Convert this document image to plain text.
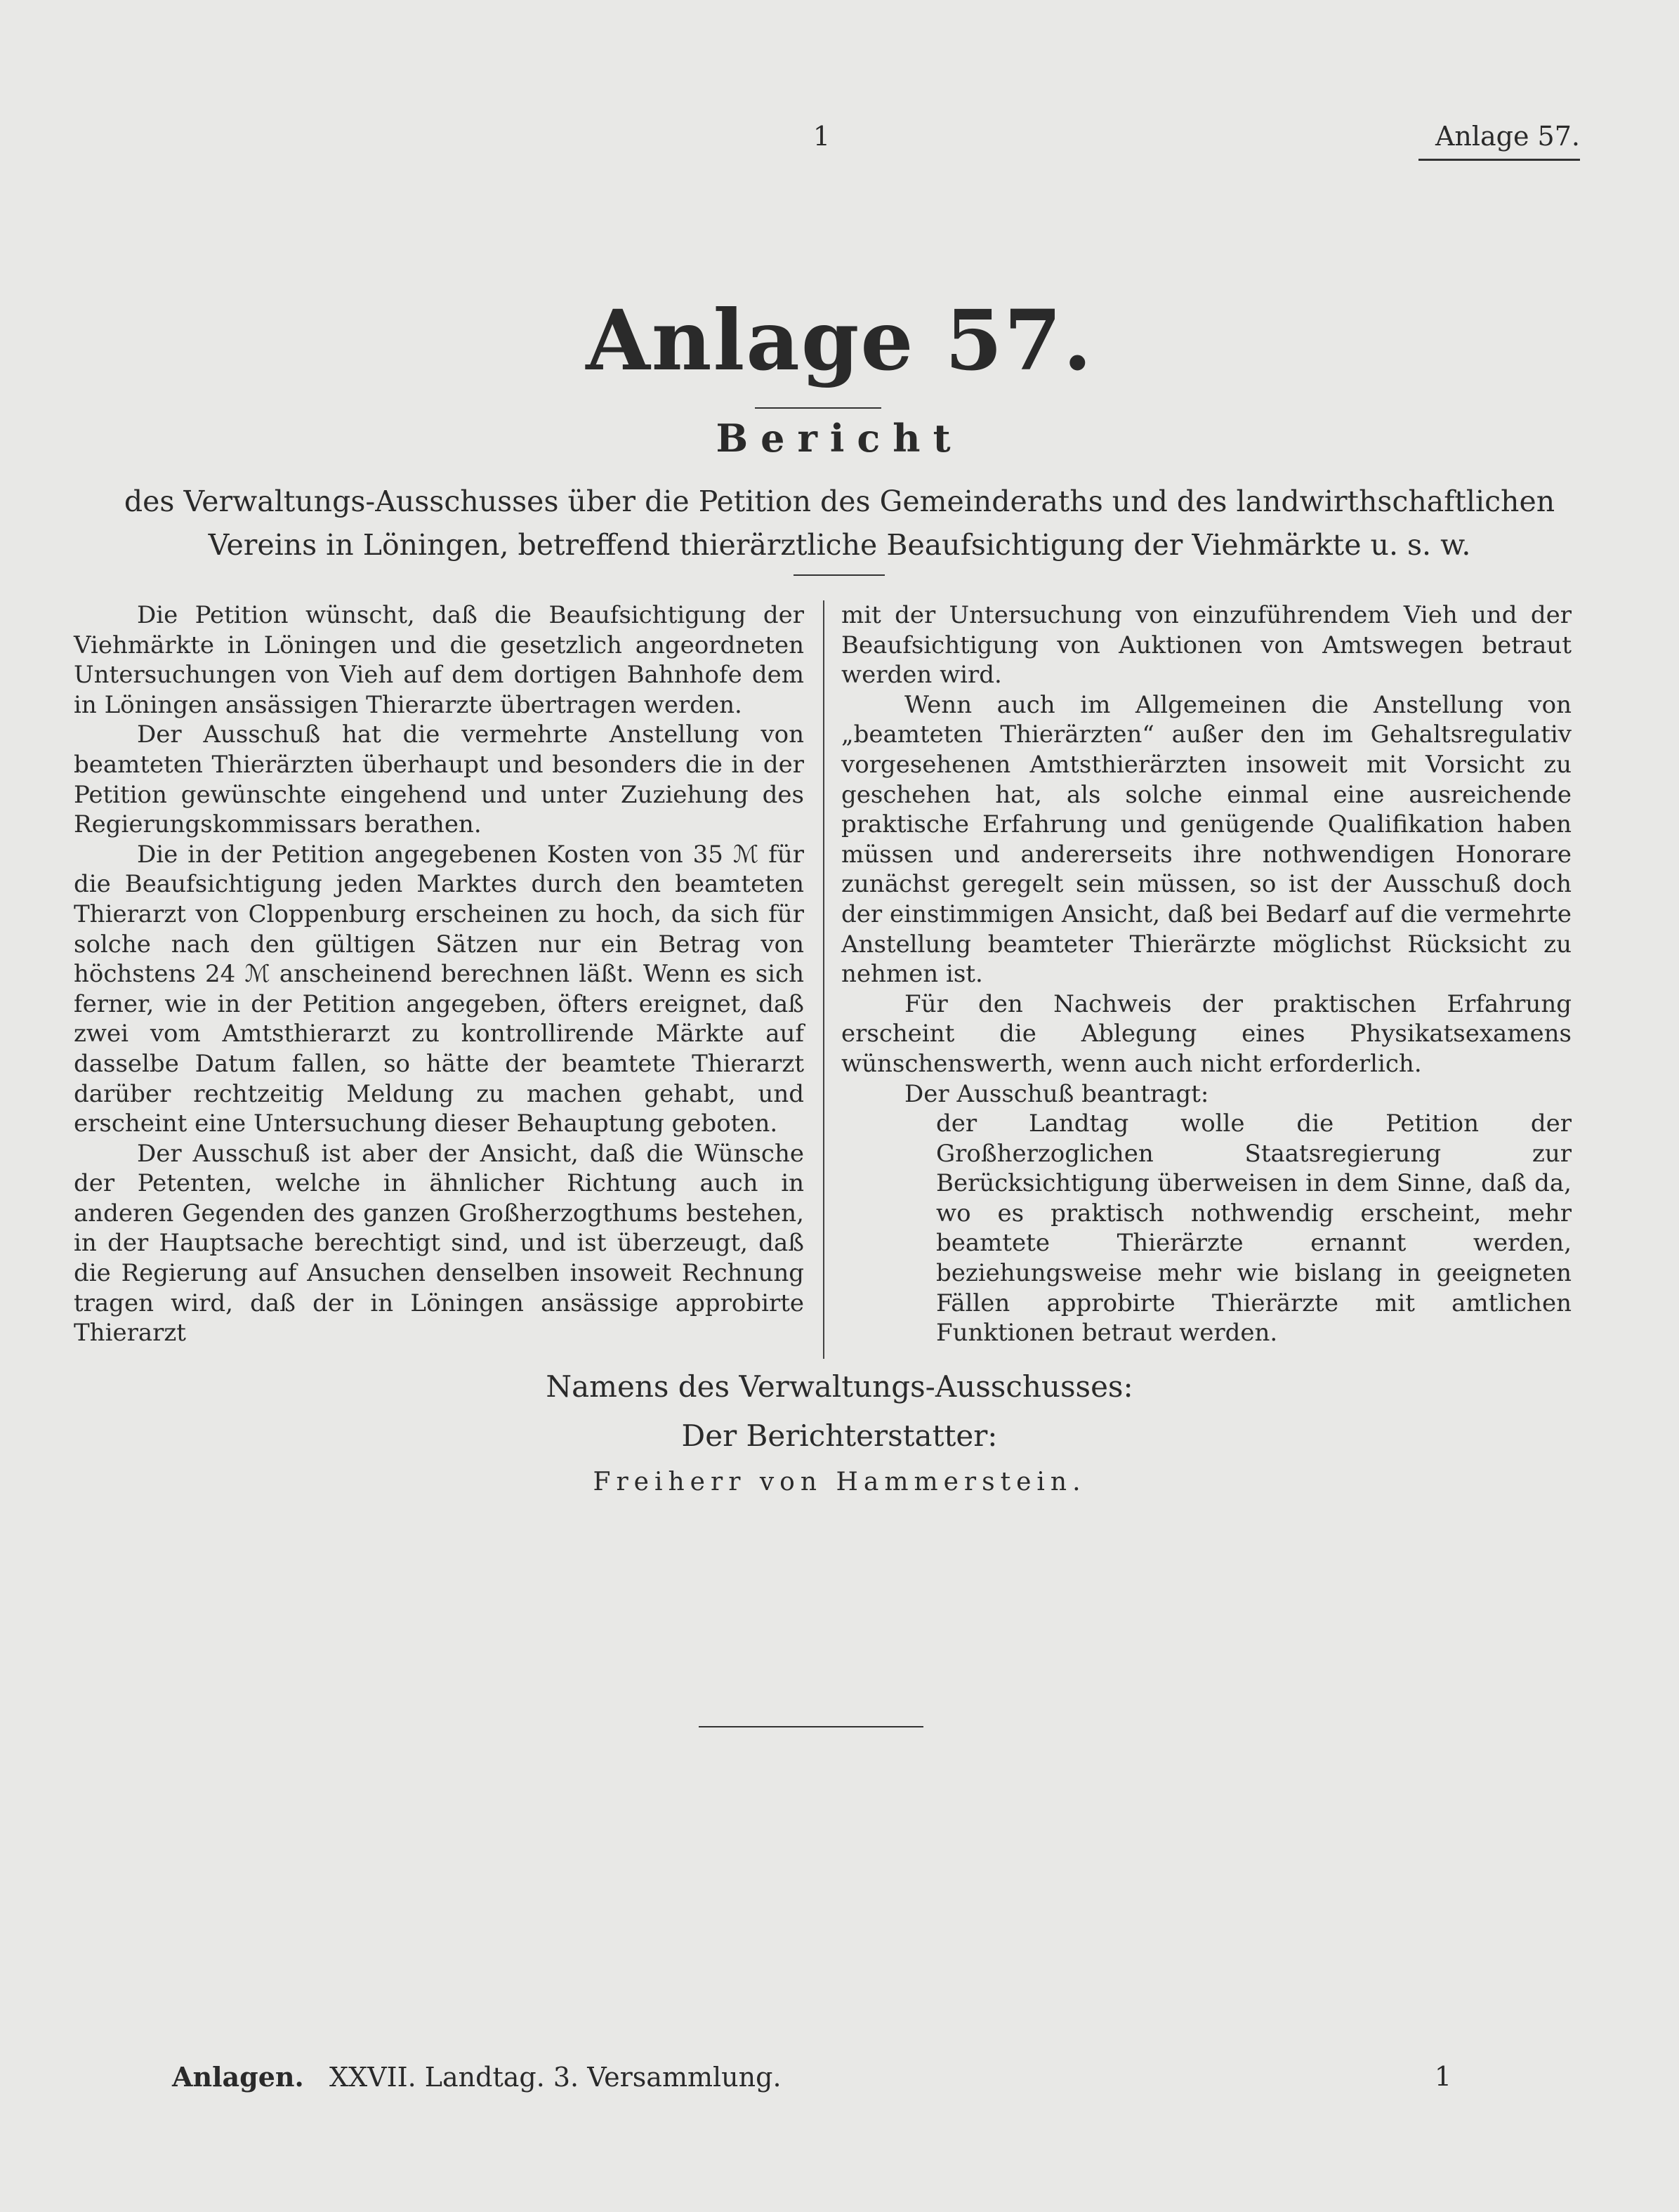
1	Anlage 57.
Anlage 57.
Bericht
des Verwaltungs-Ausschusses über die Petition des Gemeinderaths und des landwirthschaftlichen
Vereins in Löningen, betreffend thierärztliche Beaufsichtigung der Viehmärkte u. s. w.

Die Petition wünscht, daß die Beaufsichtigung der Viehmärkte in Löningen und die gesetzlich angeordneten Untersuchungen von Vieh auf dem dortigen Bahnhofe dem in Löningen ansässigen Thierarzte übertragen werden.

Der Ausschuß hat die vermehrte Anstellung von beamteten Thierärzten überhaupt und besonders die in der Petition gewünschte eingehend und unter Zuziehung des Regierungskommissars berathen.

Die in der Petition angegebenen Kosten von 35 ℳ für die Beaufsichtigung jeden Marktes durch den beamteten Thierarzt von Cloppenburg erscheinen zu hoch, da sich für solche nach den gültigen Sätzen nur ein Betrag von höchstens 24 ℳ anscheinend berechnen läßt. Wenn es sich ferner, wie in der Petition angegeben, öfters ereignet, daß zwei vom Amtsthierarzt zu kontrollirende Märkte auf dasselbe Datum fallen, so hätte der beamtete Thierarzt darüber rechtzeitig Meldung zu machen gehabt, und erscheint eine Untersuchung dieser Behauptung geboten.

Der Ausschuß ist aber der Ansicht, daß die Wünsche der Petenten, welche in ähnlicher Richtung auch in anderen Gegenden des ganzen Großherzogthums bestehen, in der Hauptsache berechtigt sind, und ist überzeugt, daß die Regierung auf Ansuchen denselben insoweit Rechnung tragen wird, daß der in Löningen ansässige approbirte Thierarzt

mit der Untersuchung von einzuführendem Vieh und der Beaufsichtigung von Auktionen von Amtswegen betraut werden wird.

Wenn auch im Allgemeinen die Anstellung von „beamteten Thierärzten“ außer den im Gehaltsregulativ vorgesehenen Amtsthierärzten insoweit mit Vorsicht zu geschehen hat, als solche einmal eine ausreichende praktische Erfahrung und genügende Qualifikation haben müssen und andererseits ihre nothwendigen Honorare zunächst geregelt sein müssen, so ist der Ausschuß doch der einstimmigen Ansicht, daß bei Bedarf auf die vermehrte Anstellung beamteter Thierärzte möglichst Rücksicht zu nehmen ist.

Für den Nachweis der praktischen Erfahrung erscheint die Ablegung eines Physikatsexamens wünschenswerth, wenn auch nicht erforderlich.

Der Ausschuß beantragt:

der Landtag wolle die Petition der Großherzoglichen Staatsregierung zur Berücksichtigung überweisen in dem Sinne, daß da, wo es praktisch nothwendig erscheint, mehr beamtete Thierärzte ernannt werden, beziehungsweise mehr wie bislang in geeigneten Fällen approbirte Thierärzte mit amtlichen Funktionen betraut werden.

Namens des Verwaltungs-Ausschusses:
Der Berichterstatter:
Freiherr von Hammerstein.
Anlagen. XXVII. Landtag. 3. Versammlung.	1
